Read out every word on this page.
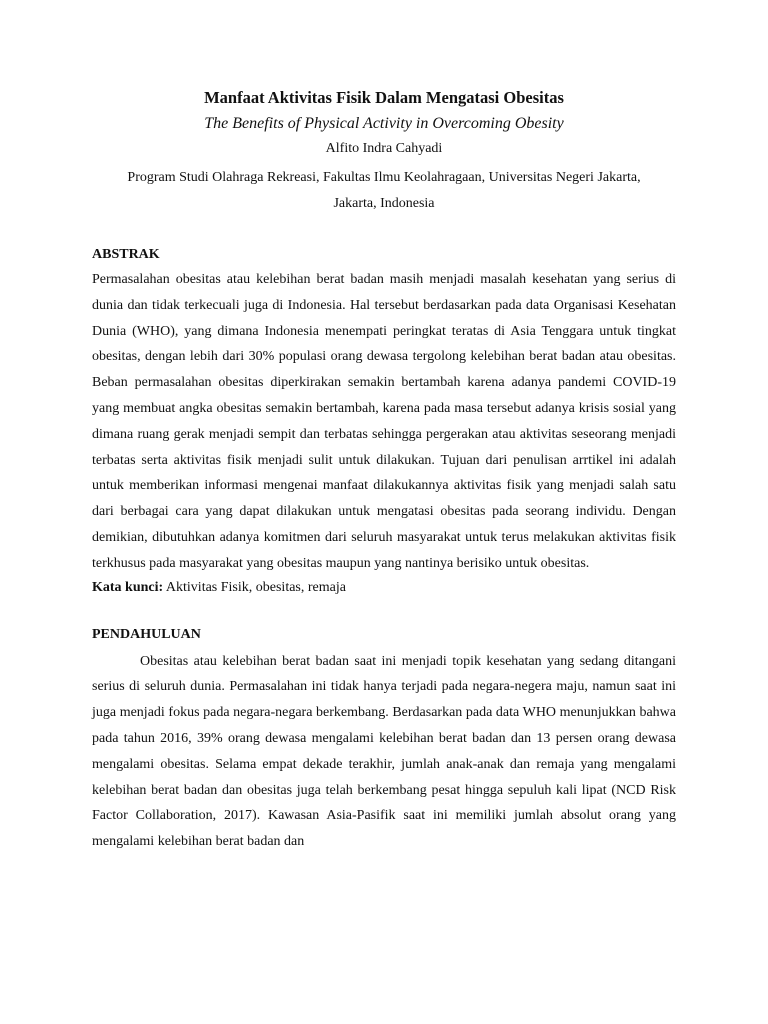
Manfaat Aktivitas Fisik Dalam Mengatasi Obesitas

The Benefits of Physical Activity in Overcoming Obesity

Alfito Indra Cahyadi

Program Studi Olahraga Rekreasi, Fakultas Ilmu Keolahragaan, Universitas Negeri Jakarta,
Jakarta, Indonesia

ABSTRAK

Permasalahan obesitas atau kelebihan berat badan masih menjadi masalah kesehatan yang serius di dunia dan tidak terkecuali juga di Indonesia. Hal tersebut berdasarkan pada data Organisasi Kesehatan Dunia (WHO), yang dimana Indonesia menempati peringkat teratas di Asia Tenggara untuk tingkat obesitas, dengan lebih dari 30% populasi orang dewasa tergolong kelebihan berat badan atau obesitas. Beban permasalahan obesitas diperkirakan semakin bertambah karena adanya pandemi COVID-19 yang membuat angka obesitas semakin bertambah, karena pada masa tersebut adanya krisis sosial yang dimana ruang gerak menjadi sempit dan terbatas sehingga pergerakan atau aktivitas seseorang menjadi terbatas serta aktivitas fisik menjadi sulit untuk dilakukan. Tujuan dari penulisan arrtikel ini adalah untuk memberikan informasi mengenai manfaat dilakukannya aktivitas fisik yang menjadi salah satu dari berbagai cara yang dapat dilakukan untuk mengatasi obesitas pada seorang individu. Dengan demikian, dibutuhkan adanya komitmen dari seluruh masyarakat untuk terus melakukan aktivitas fisik terkhusus pada masyarakat yang obesitas maupun yang nantinya berisiko untuk obesitas.

Kata kunci: Aktivitas Fisik, obesitas, remaja

PENDAHULUAN

Obesitas atau kelebihan berat badan saat ini menjadi topik kesehatan yang sedang ditangani serius di seluruh dunia. Permasalahan ini tidak hanya terjadi pada negara-negera maju, namun saat ini juga menjadi fokus pada negara-negara berkembang. Berdasarkan pada data WHO menunjukkan bahwa pada tahun 2016, 39% orang dewasa mengalami kelebihan berat badan dan 13 persen orang dewasa mengalami obesitas. Selama empat dekade terakhir, jumlah anak-anak dan remaja yang mengalami kelebihan berat badan dan obesitas juga telah berkembang pesat hingga sepuluh kali lipat (NCD Risk Factor Collaboration, 2017). Kawasan Asia-Pasifik saat ini memiliki jumlah absolut orang yang mengalami kelebihan berat badan dan
